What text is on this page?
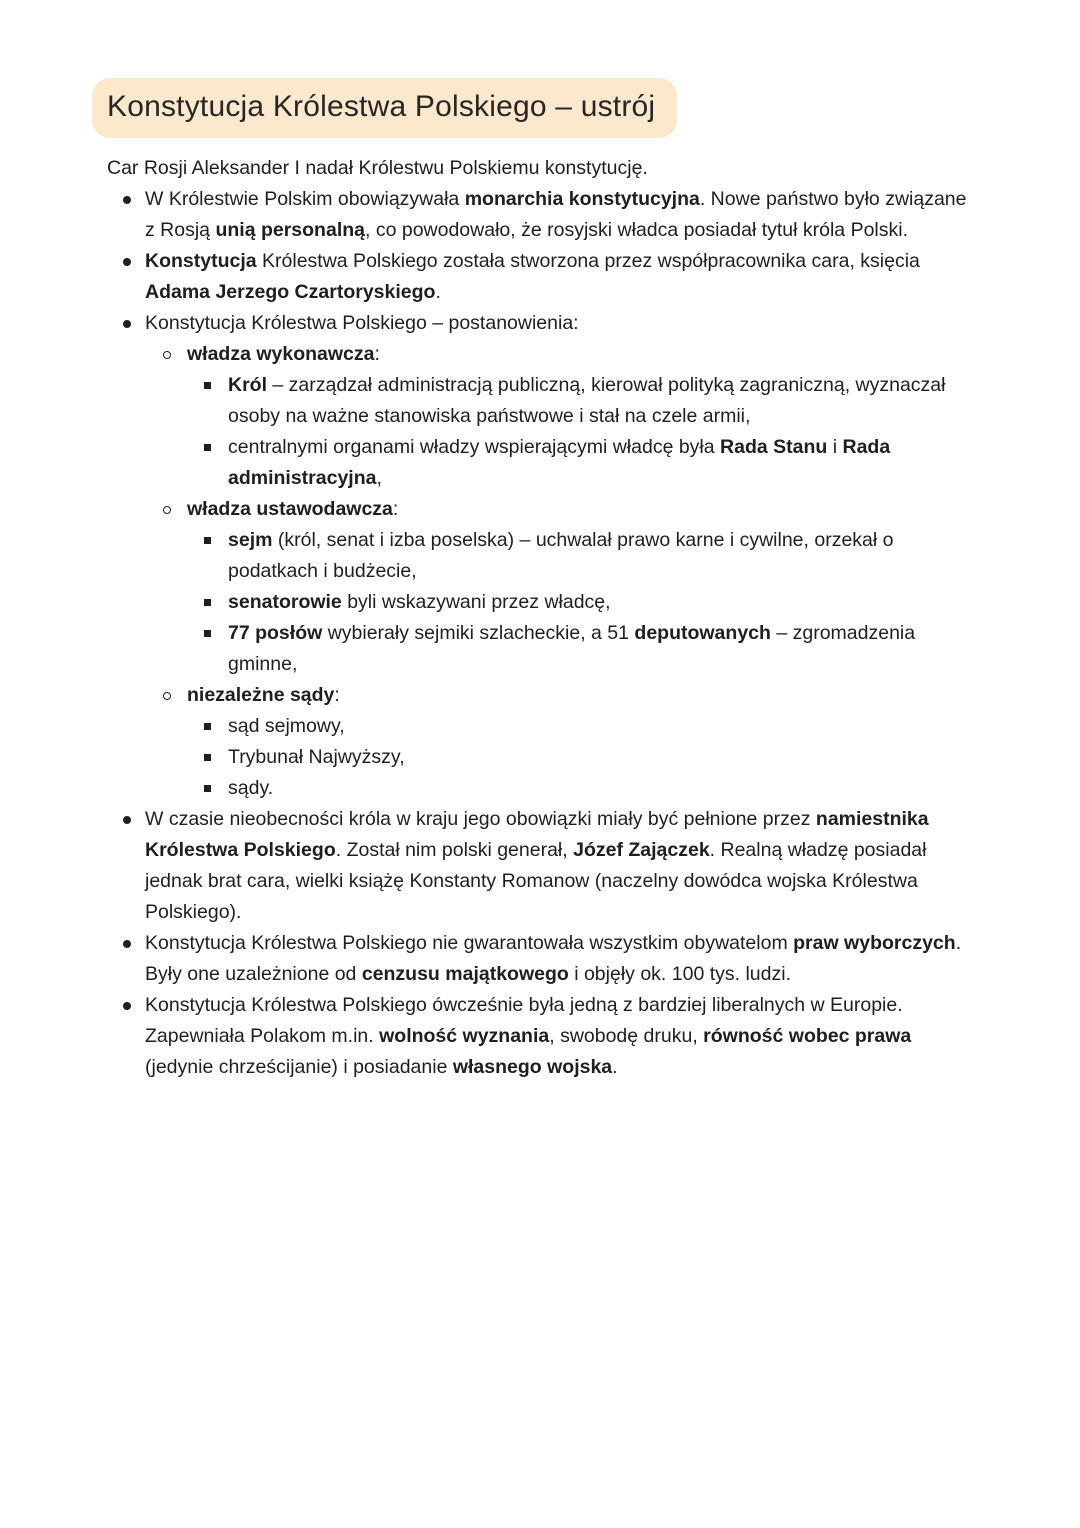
Konstytucja Królestwa Polskiego – ustrój

Car Rosji Aleksander I nadał Królestwu Polskiemu konstytucję.

W Królestwie Polskim obowiązywała monarchia konstytucyjna. Nowe państwo było związane z Rosją unią personalną, co powodowało, że rosyjski władca posiadał tytuł króla Polski.
Konstytucja Królestwa Polskiego została stworzona przez współpracownika cara, księcia Adama Jerzego Czartoryskiego.
Konstytucja Królestwa Polskiego – postanowienia:
władza wykonawcza:
Król – zarządzał administracją publiczną, kierował polityką zagraniczną, wyznaczał osoby na ważne stanowiska państwowe i stał na czele armii,
centralnymi organami władzy wspierającymi władcę była Rada Stanu i Rada administracyjna,
władza ustawodawcza:
sejm (król, senat i izba poselska) – uchwalał prawo karne i cywilne, orzekał o podatkach i budżecie,
senatorowie byli wskazywani przez władcę,
77 posłów wybierały sejmiki szlacheckie, a 51 deputowanych – zgromadzenia gminne,
niezależne sądy:
sąd sejmowy,
Trybunał Najwyższy,
sądy.
W czasie nieobecności króla w kraju jego obowiązki miały być pełnione przez namiestnika Królestwa Polskiego. Został nim polski generał, Józef Zajączek. Realną władzę posiadał jednak brat cara, wielki książę Konstanty Romanow (naczelny dowódca wojska Królestwa Polskiego).
Konstytucja Królestwa Polskiego nie gwarantowała wszystkim obywatelom praw wyborczych. Były one uzależnione od cenzusu majątkowego i objęły ok. 100 tys. ludzi.
Konstytucja Królestwa Polskiego ówcześnie była jedną z bardziej liberalnych w Europie. Zapewniała Polakom m.in. wolność wyznania, swobodę druku, równość wobec prawa (jedynie chrześcijanie) i posiadanie własnego wojska.
